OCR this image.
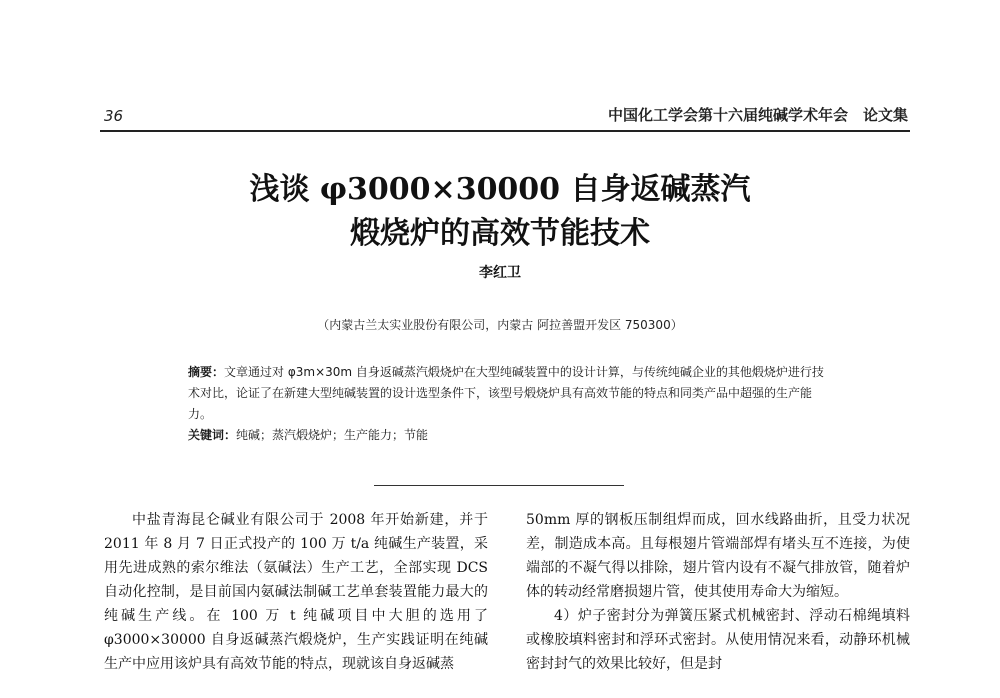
36	中国化工学会第十六届纯碱学术年会　论文集
浅谈 φ3000×30000 自身返碱蒸汽
煅烧炉的高效节能技术
李红卫
（内蒙古兰太实业股份有限公司，内蒙古 阿拉善盟开发区 750300）

摘要：文章通过对 φ3m×30m 自身返碱蒸汽煅烧炉在大型纯碱装置中的设计计算，与传统纯碱企业的其他煅烧炉进行技术对比，论证了在新建大型纯碱装置的设计选型条件下，该型号煅烧炉具有高效节能的特点和同类产品中超强的生产能力。

关键词：纯碱；蒸汽煅烧炉；生产能力；节能

中盐青海昆仑碱业有限公司于 2008 年开始新建，并于 2011 年 8 月 7 日正式投产的 100 万 t/a 纯碱生产装置，采用先进成熟的索尔维法（氨碱法）生产工艺，全部实现 DCS 自动化控制，是目前国内氨碱法制碱工艺单套装置能力最大的纯碱生产线。在 100 万 t 纯碱项目中大胆的选用了 φ3000×30000 自身返碱蒸汽煅烧炉，生产实践证明在纯碱生产中应用该炉具有高效节能的特点，现就该自身返碱蒸

50mm 厚的钢板压制组焊而成，回水线路曲折，且受力状况差，制造成本高。且每根翅片管端部焊有堵头互不连接，为使端部的不凝气得以排除，翅片管内设有不凝气排放管，随着炉体的转动经常磨损翅片管，使其使用寿命大为缩短。

4）炉子密封分为弹簧压紧式机械密封、浮动石棉绳填料或橡胶填料密封和浮环式密封。从使用情况来看，动静环机械密封封气的效果比较好，但是封
